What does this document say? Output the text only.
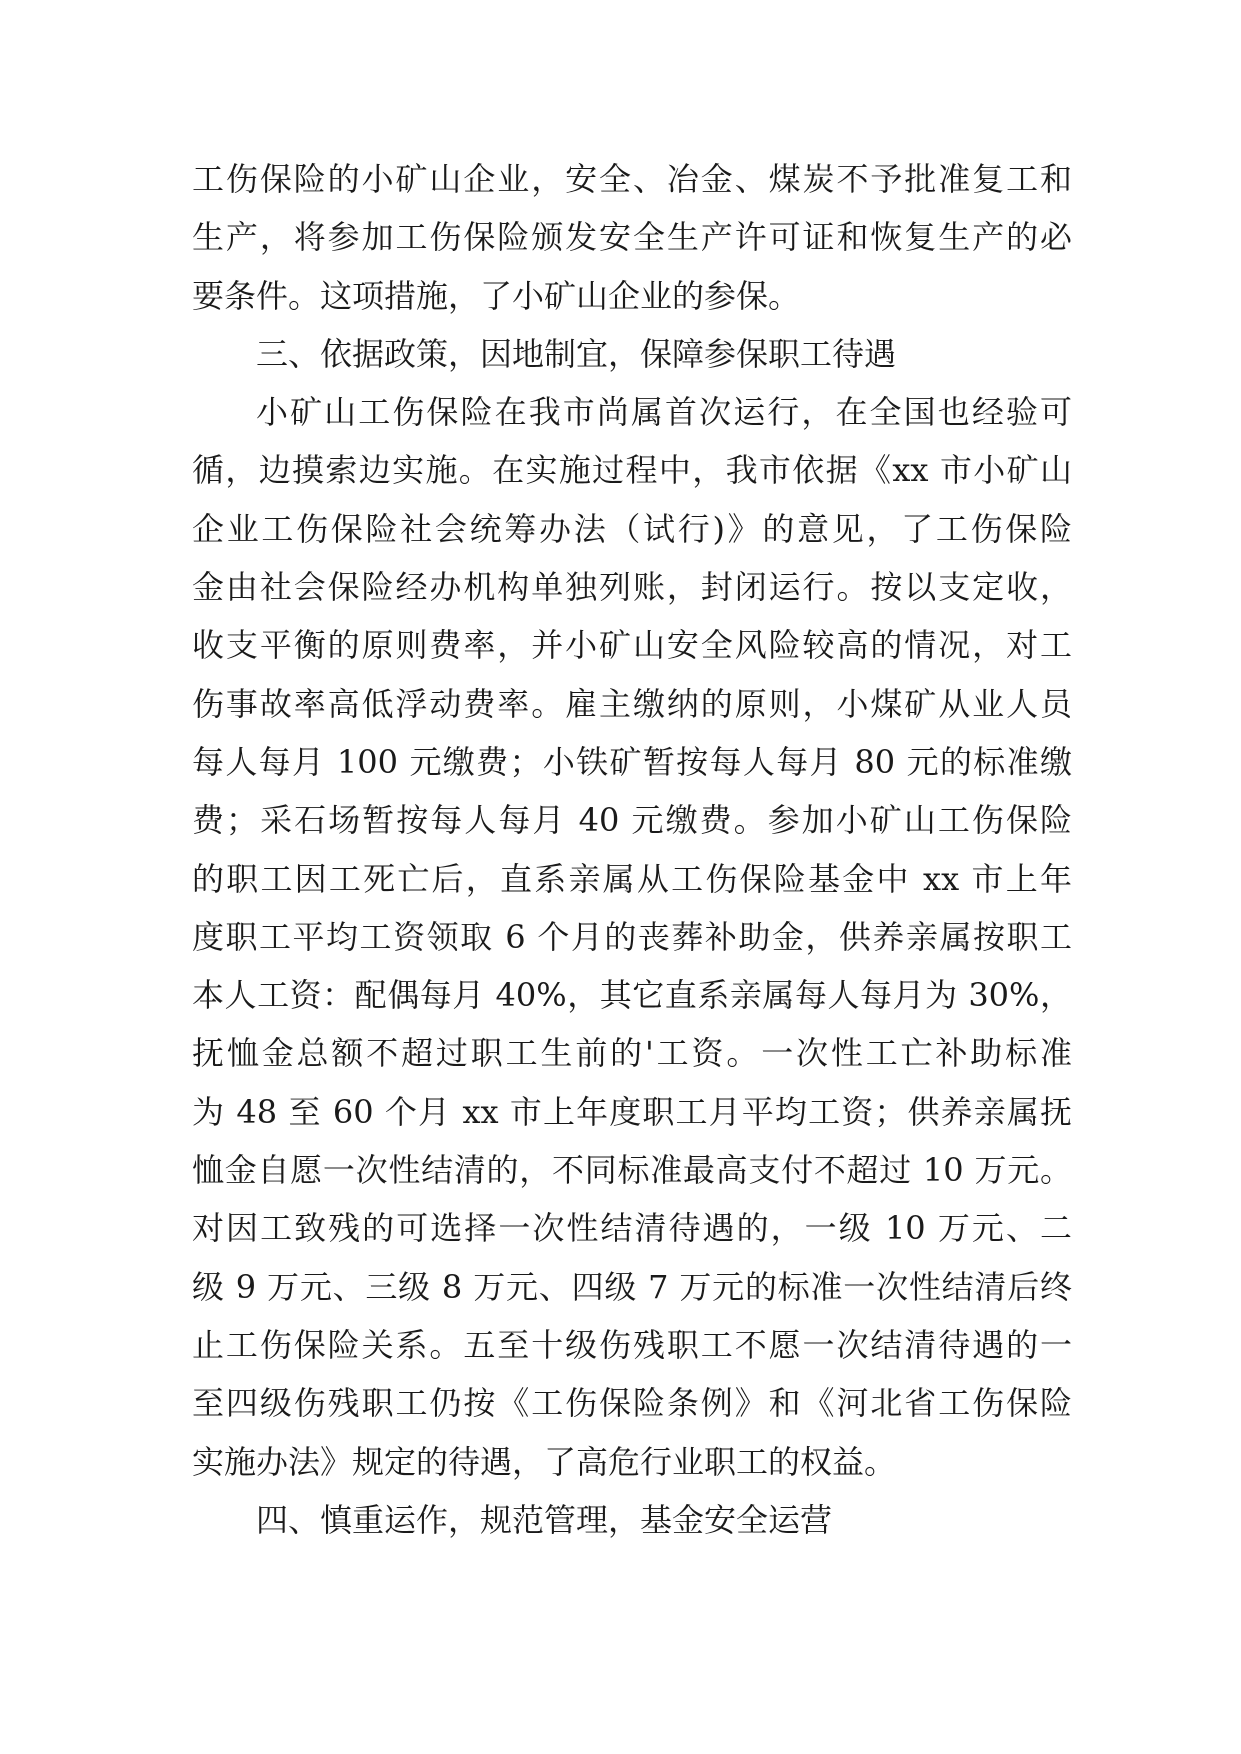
工伤保险的小矿山企业，安全、冶金、煤炭不予批准复工和
生产，将参加工伤保险颁发安全生产许可证和恢复生产的必
要条件。这项措施，了小矿山企业的参保。
三、依据政策，因地制宜，保障参保职工待遇
小矿山工伤保险在我市尚属首次运行，在全国也经验可
循，边摸索边实施。在实施过程中，我市依据《xx 市小矿山
企业工伤保险社会统筹办法（试行)》的意见，了工伤保险
金由社会保险经办机构单独列账，封闭运行。按以支定收，
收支平衡的原则费率，并小矿山安全风险较高的情况，对工
伤事故率高低浮动费率。雇主缴纳的原则，小煤矿从业人员
每人每月 100 元缴费；小铁矿暂按每人每月 80 元的标准缴
费；采石场暂按每人每月 40 元缴费。参加小矿山工伤保险
的职工因工死亡后，直系亲属从工伤保险基金中 xx 市上年
度职工平均工资领取 6 个月的丧葬补助金，供养亲属按职工
本人工资：配偶每月 40%，其它直系亲属每人每月为 30%，
抚恤金总额不超过职工生前的'工资。一次性工亡补助标准
为 48 至 60 个月 xx 市上年度职工月平均工资；供养亲属抚
恤金自愿一次性结清的，不同标准最高支付不超过 10 万元。
对因工致残的可选择一次性结清待遇的，一级 10 万元、二
级 9 万元、三级 8 万元、四级 7 万元的标准一次性结清后终
止工伤保险关系。五至十级伤残职工不愿一次结清待遇的一
至四级伤残职工仍按《工伤保险条例》和《河北省工伤保险
实施办法》规定的待遇，了高危行业职工的权益。
四、慎重运作，规范管理，基金安全运营
